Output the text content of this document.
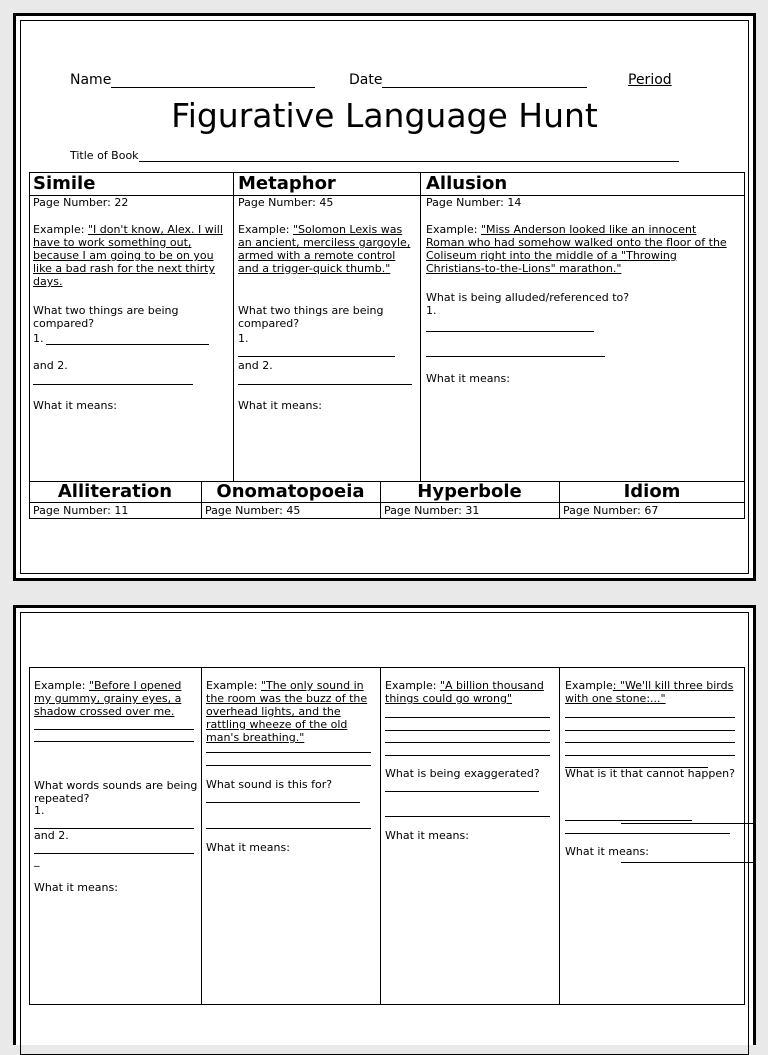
Name	Date	Period
Figurative Language Hunt
Title of Book
Simile
Page Number: 22
Example: "I don't know, Alex. I will have to work something out, because I am going to be on you like a bad rash for the next thirty days.
What two things are being compared?
1.
and 2.
What it means:
Metaphor
Page Number: 45
Example: "Solomon Lexis was an ancient, merciless gargoyle, armed with a remote control and a trigger-quick thumb."
What two things are being compared?
1.
and 2.
What it means:
Allusion
Page Number: 14
Example: "Miss Anderson looked like an innocent Roman who had somehow walked onto the floor of the Coliseum right into the middle of a "Throwing Christians-to-the-Lions" marathon."
What is being alluded/referenced to?
1.
What it means:
Alliteration
Page Number: 11
Onomatopoeia
Page Number: 45
Hyperbole
Page Number: 31
Idiom
Page Number: 67
Example: "Before I opened my gummy, grainy eyes, a shadow crossed over me.
What words sounds are being repeated?
1.
and 2.
_
What it means:
Example: "The only sound in the room was the buzz of the overhead lights, and the rattling wheeze of the old man's breathing."
What sound is this for?
What it means:
Example: "A billion thousand things could go wrong"
What is being exaggerated?
What it means:
Example: "We'll kill three birds with one stone:..."
What is it that cannot happen?
What it means:
